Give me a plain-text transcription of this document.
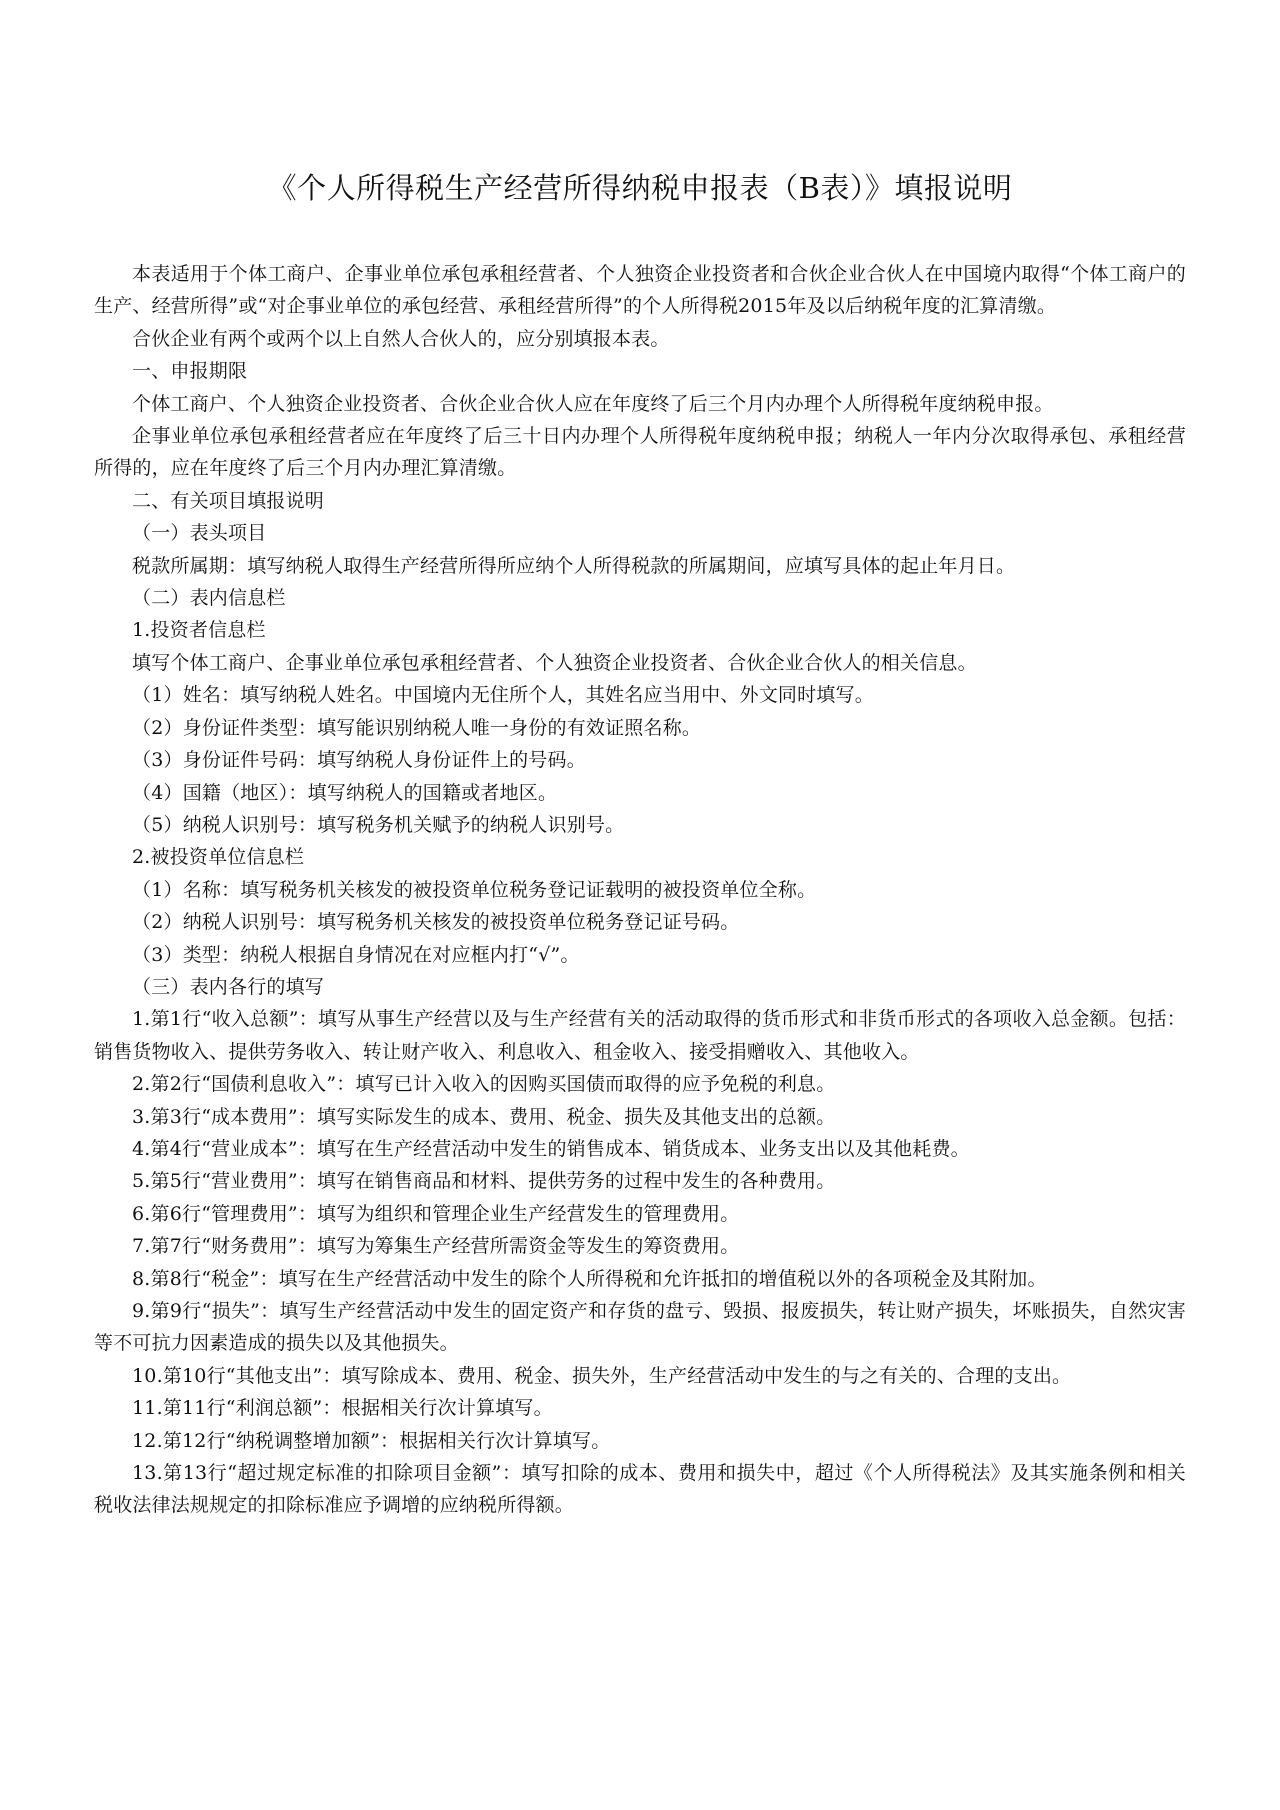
《个人所得税生产经营所得纳税申报表（B表）》填报说明

本表适用于个体工商户、企事业单位承包承租经营者、个人独资企业投资者和合伙企业合伙人在中国境内取得“个体工商户的生产、经营所得”或“对企事业单位的承包经营、承租经营所得”的个人所得税2015年及以后纳税年度的汇算清缴。

合伙企业有两个或两个以上自然人合伙人的，应分别填报本表。

一、申报期限

个体工商户、个人独资企业投资者、合伙企业合伙人应在年度终了后三个月内办理个人所得税年度纳税申报。

企事业单位承包承租经营者应在年度终了后三十日内办理个人所得税年度纳税申报；纳税人一年内分次取得承包、承租经营所得的，应在年度终了后三个月内办理汇算清缴。

二、有关项目填报说明

（一）表头项目

税款所属期：填写纳税人取得生产经营所得所应纳个人所得税款的所属期间，应填写具体的起止年月日。

（二）表内信息栏

1.投资者信息栏

填写个体工商户、企事业单位承包承租经营者、个人独资企业投资者、合伙企业合伙人的相关信息。

（1）姓名：填写纳税人姓名。中国境内无住所个人，其姓名应当用中、外文同时填写。

（2）身份证件类型：填写能识别纳税人唯一身份的有效证照名称。

（3）身份证件号码：填写纳税人身份证件上的号码。

（4）国籍（地区）：填写纳税人的国籍或者地区。

（5）纳税人识别号：填写税务机关赋予的纳税人识别号。

2.被投资单位信息栏

（1）名称：填写税务机关核发的被投资单位税务登记证载明的被投资单位全称。

（2）纳税人识别号：填写税务机关核发的被投资单位税务登记证号码。

（3）类型：纳税人根据自身情况在对应框内打“√”。

（三）表内各行的填写

1.第1行“收入总额”：填写从事生产经营以及与生产经营有关的活动取得的货币形式和非货币形式的各项收入总金额。包括：销售货物收入、提供劳务收入、转让财产收入、利息收入、租金收入、接受捐赠收入、其他收入。

2.第2行“国债利息收入”：填写已计入收入的因购买国债而取得的应予免税的利息。

3.第3行“成本费用”：填写实际发生的成本、费用、税金、损失及其他支出的总额。

4.第4行“营业成本”：填写在生产经营活动中发生的销售成本、销货成本、业务支出以及其他耗费。

5.第5行“营业费用”：填写在销售商品和材料、提供劳务的过程中发生的各种费用。

6.第6行“管理费用”：填写为组织和管理企业生产经营发生的管理费用。

7.第7行“财务费用”：填写为筹集生产经营所需资金等发生的筹资费用。

8.第8行“税金”：填写在生产经营活动中发生的除个人所得税和允许抵扣的增值税以外的各项税金及其附加。

9.第9行“损失”：填写生产经营活动中发生的固定资产和存货的盘亏、毁损、报废损失，转让财产损失，坏账损失，自然灾害等不可抗力因素造成的损失以及其他损失。

10.第10行“其他支出”：填写除成本、费用、税金、损失外，生产经营活动中发生的与之有关的、合理的支出。

11.第11行“利润总额”：根据相关行次计算填写。

12.第12行“纳税调整增加额”：根据相关行次计算填写。

13.第13行“超过规定标准的扣除项目金额”：填写扣除的成本、费用和损失中，超过《个人所得税法》及其实施条例和相关税收法律法规规定的扣除标准应予调增的应纳税所得额。
